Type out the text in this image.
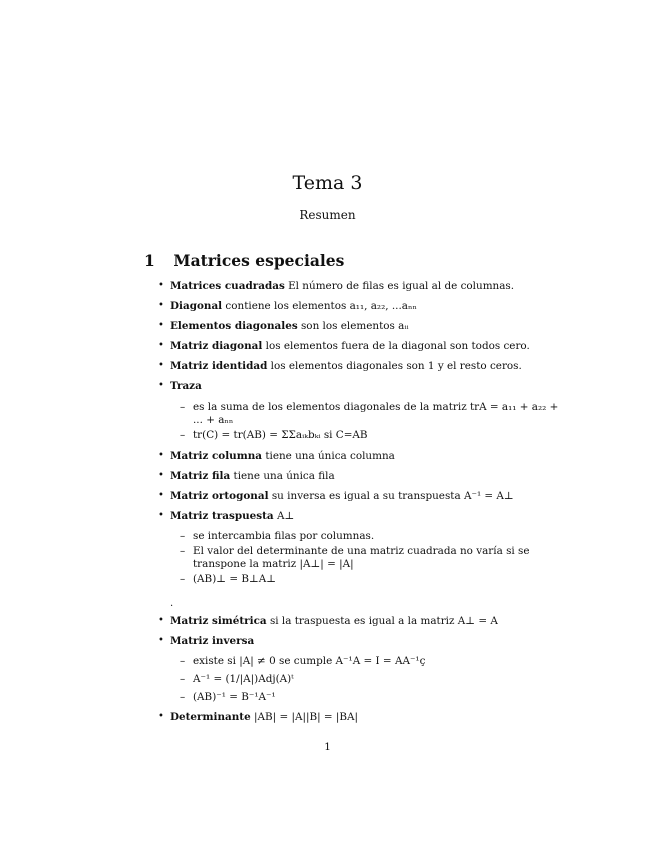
Tema 3
Resumen
1 Matrices especiales
• Matrices cuadradas El número de filas es igual al de columnas.
• Diagonal contiene los elementos a₁₁, a₂₂, ...aₙₙ
• Elementos diagonales son los elementos aᵢᵢ
• Matriz diagonal los elementos fuera de la diagonal son todos cero.
• Matriz identidad los elementos diagonales son 1 y el resto ceros.
• Traza
– es la suma de los elementos diagonales de la matriz trA = a₁₁ + a₂₂ +
... + aₙₙ
– tr(C) = tr(AB) = ΣΣaᵢₖbₖᵢ si C=AB
• Matriz columna tiene una única columna
• Matriz fila tiene una única fila
• Matriz ortogonal su inversa es igual a su transpuesta A⁻¹ = A⊥
• Matriz traspuesta A⊥
– se intercambia filas por columnas.
– El valor del determinante de una matriz cuadrada no varía si se
transpone la matriz |A⊥| = |A|
– (AB)⊥ = B⊥A⊥
.
• Matriz simétrica si la traspuesta es igual a la matriz A⊥ = A
• Matriz inversa
– existe si |A| ≠ 0 se cumple A⁻¹A = I = AA⁻¹ç
– A⁻¹ = (1/|A|)Adj(A)ᵗ
– (AB)⁻¹ = B⁻¹A⁻¹
• Determinante |AB| = |A||B| = |BA|
1
